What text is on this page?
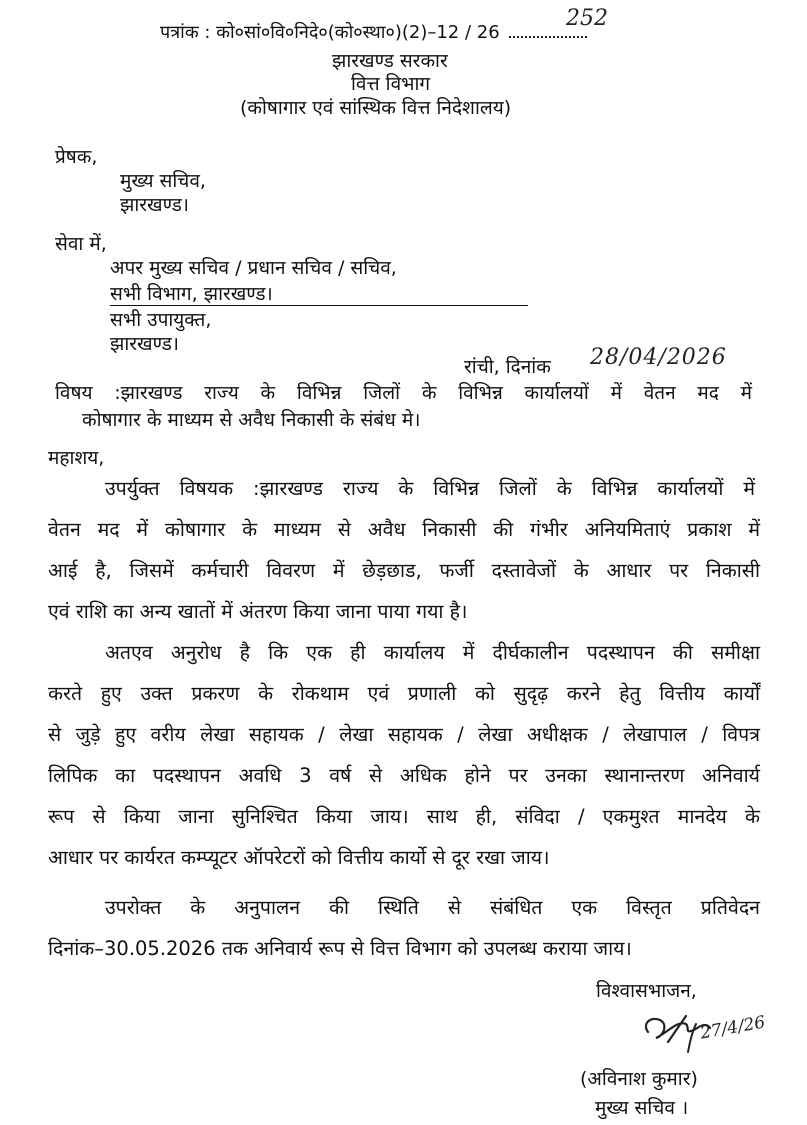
पत्रांक : को०सां०वि०निदे०(को०स्था०)(2)–12 / 26
252
झारखण्ड सरकार
वित्त विभाग
(कोषागार एवं सांस्थिक वित्त निदेशालय)
प्रेषक,
मुख्य सचिव,
झारखण्ड।
सेवा में,
अपर मुख्य सचिव / प्रधान सचिव / सचिव,
सभी विभाग, झारखण्ड।
सभी उपायुक्त,
झारखण्ड।
रांची, दिनांक 28/04/2026
विषय :झारखण्ड राज्य के विभिन्न जिलों के विभिन्न कार्यालयों में वेतन मद में
कोषागार के माध्यम से अवैध निकासी के संबंध मे।
महाशय,
उपर्युक्त विषयक :झारखण्ड राज्य के विभिन्न जिलों के विभिन्न कार्यालयों में
वेतन मद में कोषागार के माध्यम से अवैध निकासी की गंभीर अनियमिताएं प्रकाश में
आई है, जिसमें कर्मचारी विवरण में छेड़छाड, फर्जी दस्तावेजों के आधार पर निकासी
एवं राशि का अन्य खातों में अंतरण किया जाना पाया गया है।
अतएव अनुरोध है कि एक ही कार्यालय में दीर्घकालीन पदस्थापन की समीक्षा
करते हुए उक्त प्रकरण के रोकथाम एवं प्रणाली को सुदृढ़ करने हेतु वित्तीय कार्यों
से जुड़े हुए वरीय लेखा सहायक / लेखा सहायक / लेखा अधीक्षक / लेखापाल / विपत्र
लिपिक का पदस्थापन अवधि 3 वर्ष से अधिक होने पर उनका स्थानान्तरण अनिवार्य
रूप से किया जाना सुनिश्चित किया जाय। साथ ही, संविदा / एकमुश्त मानदेय के
आधार पर कार्यरत कम्प्यूटर ऑपरेटरों को वित्तीय कार्यो से दूर रखा जाय।
उपरोक्त के अनुपालन की स्थिति से संबंधित एक विस्तृत प्रतिवेदन
दिनांक–30.05.2026 तक अनिवार्य रूप से वित्त विभाग को उपलब्ध कराया जाय।
विश्वासभाजन,
27/4/26
(अविनाश कुमार)
मुख्य सचिव ।
